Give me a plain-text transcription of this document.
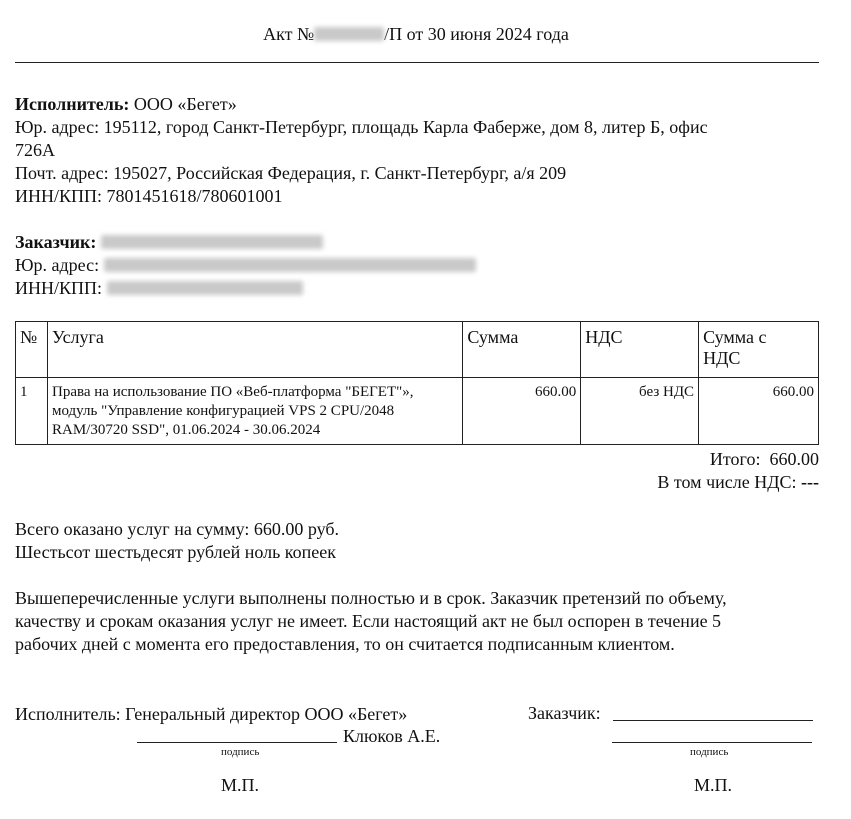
Акт №	/П от 30 июня 2024 года
Исполнитель: ООО «Бегет»
Юр. адрес: 195112, город Санкт-Петербург, площадь Карла Фаберже, дом 8, литер Б, офис
726А
Почт. адрес: 195027, Российская Федерация, г. Санкт-Петербург, а/я 209
ИНН/КПП: 7801451618/780601001
Заказчик:
Юр. адрес:
ИНН/КПП:
№	Услуга	Сумма	НДС	Сумма с
НДС
1	Права на использование ПО «Веб-платформа "БЕГЕТ"»,
модуль "Управление конфигурацией VPS 2 CPU/2048
RAM/30720 SSD", 01.06.2024 - 30.06.2024	660.00	без НДС	660.00
Итого: 660.00
В том числе НДС: ---
Всего оказано услуг на сумму: 660.00 руб.
Шестьсот шестьдесят рублей ноль копеек
Вышеперечисленные услуги выполнены полностью и в срок. Заказчик претензий по объему,
качеству и срокам оказания услуг не имеет. Если настоящий акт не был оспорен в течение 5
рабочих дней с момента его предоставления, то он считается подписанным клиентом.
Исполнитель: Генеральный директор ООО «Бегет»
Клюков А.Е.
подпись
М.П.
Заказчик:
подпись
М.П.
